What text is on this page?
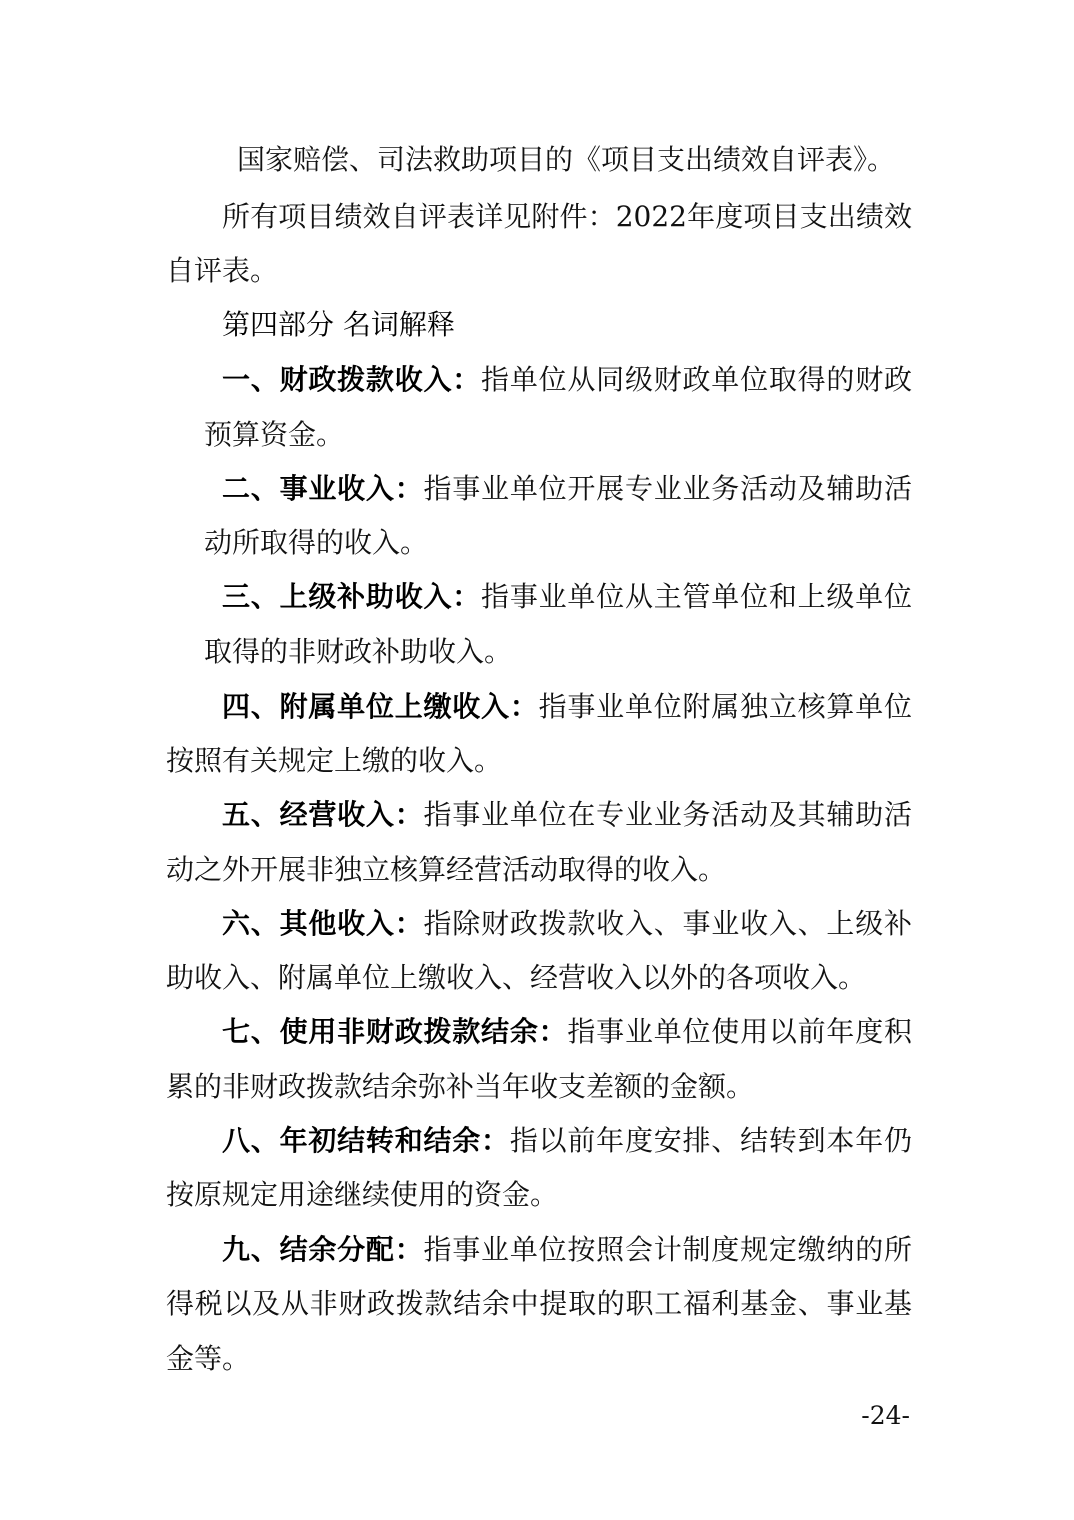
国家赔偿、司法救助项目的《项目支出绩效自评表》。
所有项目绩效自评表详见附件：2022年度项目支出绩效
自评表。
第四部分 名词解释
一、财政拨款收入：指单位从同级财政单位取得的财政
预算资金。
二、事业收入：指事业单位开展专业业务活动及辅助活
动所取得的收入。
三、上级补助收入：指事业单位从主管单位和上级单位
取得的非财政补助收入。
四、附属单位上缴收入：指事业单位附属独立核算单位
按照有关规定上缴的收入。
五、经营收入：指事业单位在专业业务活动及其辅助活
动之外开展非独立核算经营活动取得的收入。
六、其他收入：指除财政拨款收入、事业收入、上级补
助收入、附属单位上缴收入、经营收入以外的各项收入。
七、使用非财政拨款结余：指事业单位使用以前年度积
累的非财政拨款结余弥补当年收支差额的金额。
八、年初结转和结余：指以前年度安排、结转到本年仍
按原规定用途继续使用的资金。
九、结余分配：指事业单位按照会计制度规定缴纳的所
得税以及从非财政拨款结余中提取的职工福利基金、事业基
金等。
-24-
